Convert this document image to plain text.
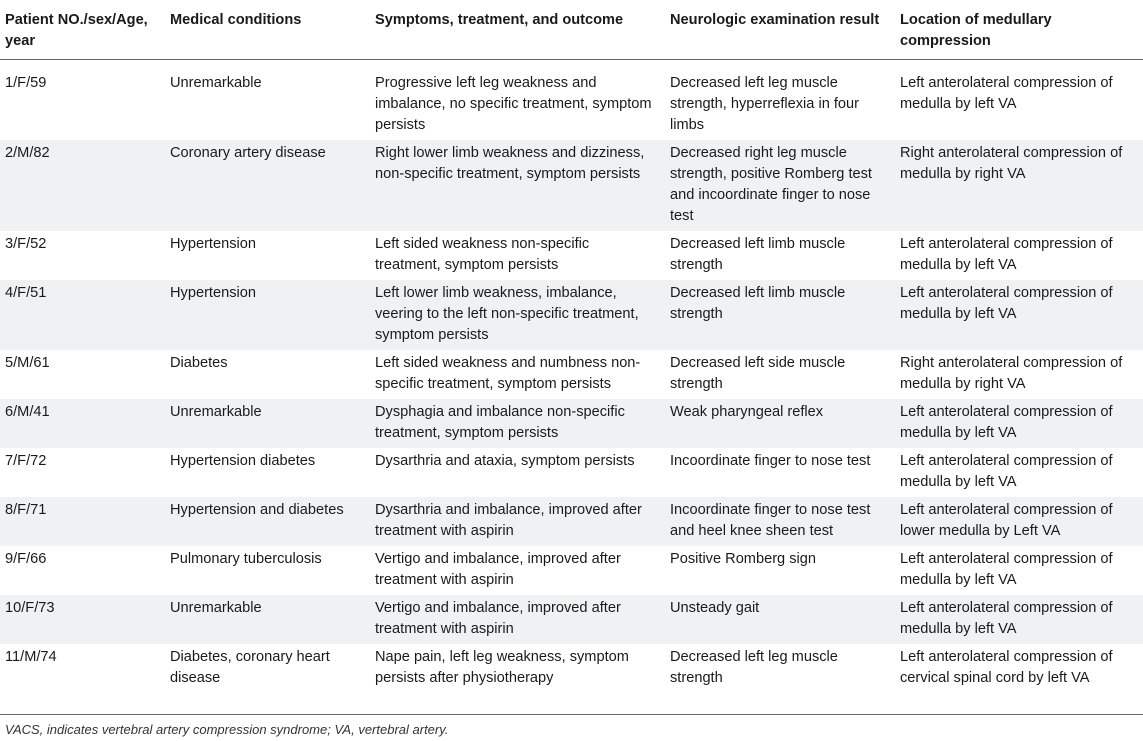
Patient NO./sex/Age, year	Medical conditions	Symptoms, treatment, and outcome	Neurologic examination result	Location of medullary compression
1/F/59	Unremarkable	Progressive left leg weakness and imbalance, no specific treatment, symptom persists	Decreased left leg muscle strength, hyperreflexia in four limbs	Left anterolateral compression of medulla by left VA
2/M/82	Coronary artery disease	Right lower limb weakness and dizziness, non-specific treatment, symptom persists	Decreased right leg muscle strength, positive Romberg test and incoordinate finger to nose test	Right anterolateral compression of medulla by right VA
3/F/52	Hypertension	Left sided weakness non-specific treatment, symptom persists	Decreased left limb muscle strength	Left anterolateral compression of medulla by left VA
4/F/51	Hypertension	Left lower limb weakness, imbalance, veering to the left non-specific treatment, symptom persists	Decreased left limb muscle strength	Left anterolateral compression of medulla by left VA
5/M/61	Diabetes	Left sided weakness and numbness non-specific treatment, symptom persists	Decreased left side muscle strength	Right anterolateral compression of medulla by right VA
6/M/41	Unremarkable	Dysphagia and imbalance non-specific treatment, symptom persists	Weak pharyngeal reflex	Left anterolateral compression of medulla by left VA
7/F/72	Hypertension diabetes	Dysarthria and ataxia, symptom persists	Incoordinate finger to nose test	Left anterolateral compression of medulla by left VA
8/F/71	Hypertension and diabetes	Dysarthria and imbalance, improved after treatment with aspirin	Incoordinate finger to nose test and heel knee sheen test	Left anterolateral compression of lower medulla by Left VA
9/F/66	Pulmonary tuberculosis	Vertigo and imbalance, improved after treatment with aspirin	Positive Romberg sign	Left anterolateral compression of medulla by left VA
10/F/73	Unremarkable	Vertigo and imbalance, improved after treatment with aspirin	Unsteady gait	Left anterolateral compression of medulla by left VA
11/M/74	Diabetes, coronary heart disease	Nape pain, left leg weakness, symptom persists after physiotherapy	Decreased left leg muscle strength	Left anterolateral compression of cervical spinal cord by left VA
VACS, indicates vertebral artery compression syndrome; VA, vertebral artery.
